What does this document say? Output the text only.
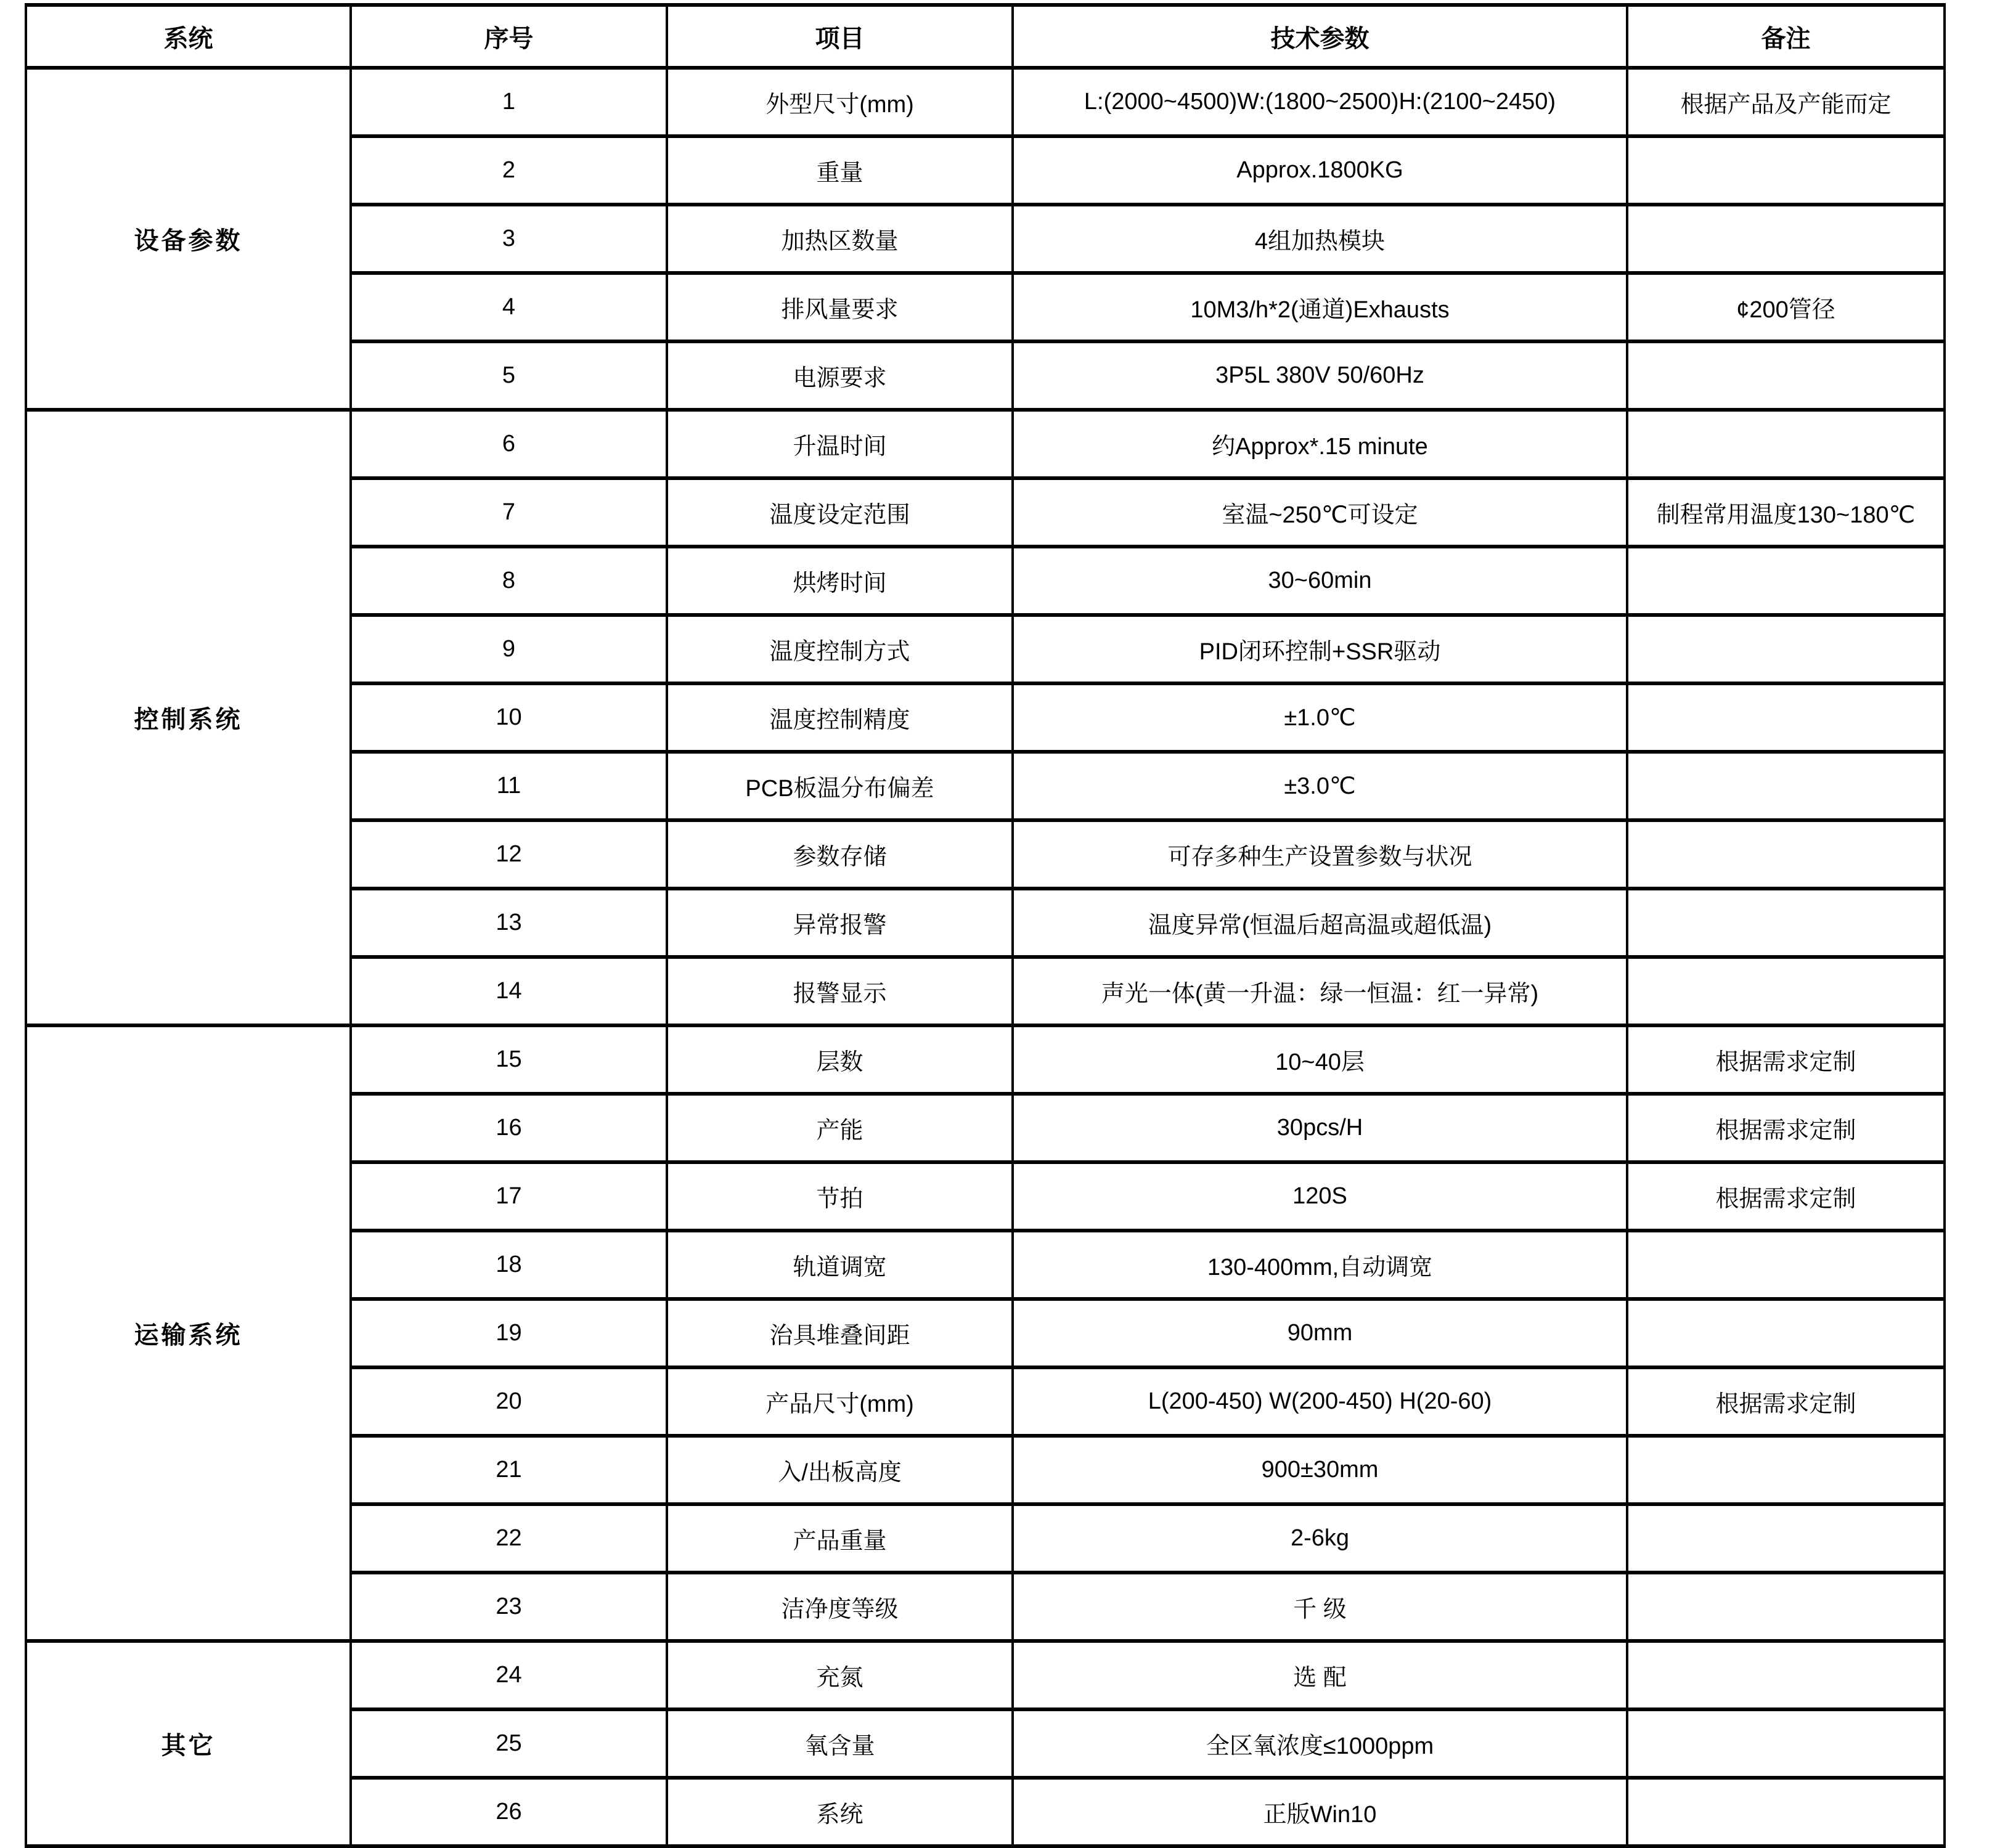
系统	序号	项目	技术参数	备注
设备参数	1	外型尺寸(mm)	L:(2000~4500)W:(1800~2500)H:(2100~2450)	根据产品及产能而定
	2	重量	Approx.1800KG	
	3	加热区数量	4组加热模块	
	4	排风量要求	10M3/h*2(通道)Exhausts	¢200管径
	5	电源要求	3P5L 380V 50/60Hz	
控制系统	6	升温时间	约Approx*.15 minute	
	7	温度设定范围	室温~250℃可设定	制程常用温度130~180℃
	8	烘烤时间	30~60min	
	9	温度控制方式	PID闭环控制+SSR驱动	
	10	温度控制精度	±1.0℃	
	11	PCB板温分布偏差	±3.0℃	
	12	参数存储	可存多种生产设置参数与状况	
	13	异常报警	温度异常(恒温后超高温或超低温)	
	14	报警显示	声光一体(黄一升温：绿一恒温：红一异常)	
运输系统	15	层数	10~40层	根据需求定制
	16	产能	30pcs/H	根据需求定制
	17	节拍	120S	根据需求定制
	18	轨道调宽	130-400mm,自动调宽	
	19	治具堆叠间距	90mm	
	20	产品尺寸(mm)	L(200-450) W(200-450) H(20-60)	根据需求定制
	21	入/出板高度	900±30mm	
	22	产品重量	2-6kg	
	23	洁净度等级	千 级	
其它	24	充氮	选 配	
	25	氧含量	全区氧浓度≤1000ppm	
	26	系统	正版Win10	
